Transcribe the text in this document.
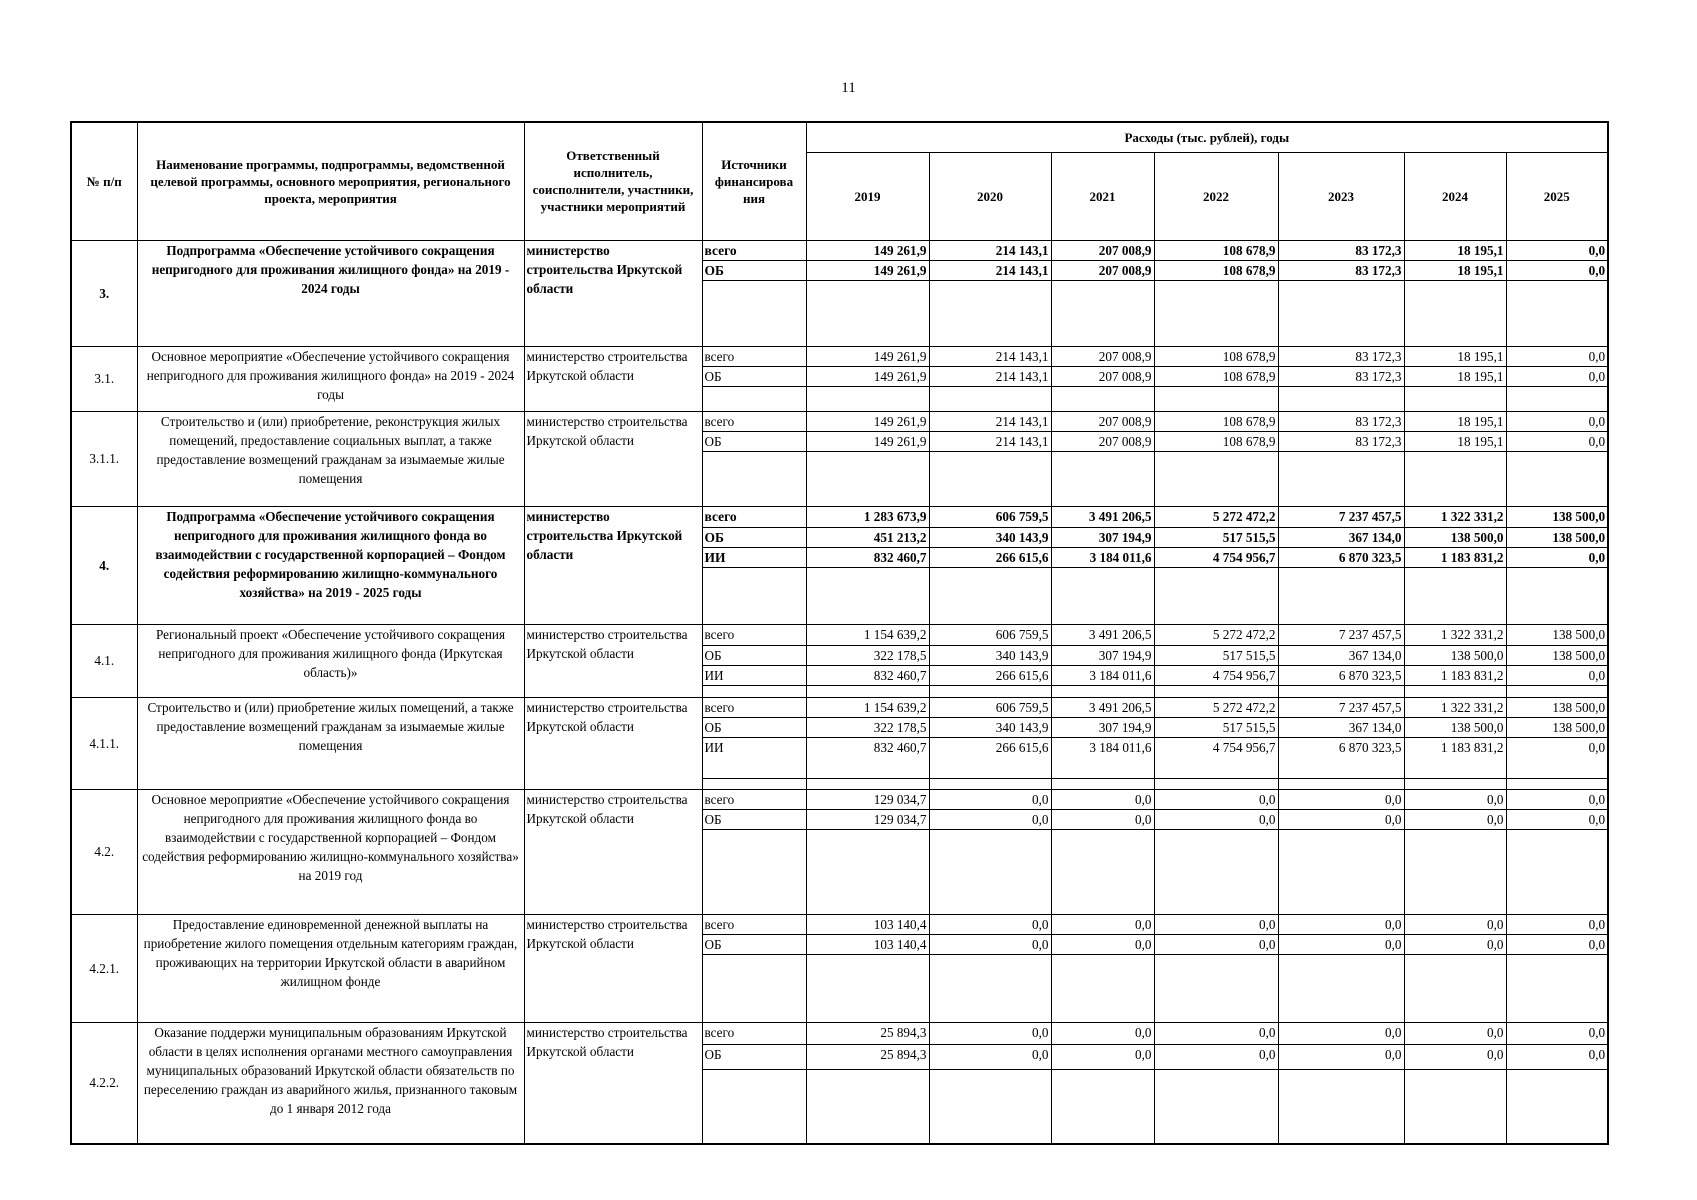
11
№ п/п	Наименование программы, подпрограммы, ведомственной целевой программы, основного мероприятия, регионального проекта, мероприятия	Ответственный исполнитель, соисполнители, участники, участники мероприятий	Источники финансирова ния	Расходы (тыс. рублей), годы						
				2019	2020	2021	2022	2023	2024	2025
3.	Подпрограмма «Обеспечение устойчивого сокращения непригодного для проживания жилищного фонда» на 2019 - 2024 годы	министерство строительства Иркутской области	всего	149 261,9	214 143,1	207 008,9	108 678,9	83 172,3	18 195,1	0,0
			ОБ	149 261,9	214 143,1	207 008,9	108 678,9	83 172,3	18 195,1	0,0

3.1.	Основное мероприятие «Обеспечение устойчивого сокращения непригодного для проживания жилищного фонда» на 2019 - 2024 годы	министерство строительства Иркутской области	всего	149 261,9	214 143,1	207 008,9	108 678,9	83 172,3	18 195,1	0,0
			ОБ	149 261,9	214 143,1	207 008,9	108 678,9	83 172,3	18 195,1	0,0

3.1.1.	Строительство и (или) приобретение, реконструкция жилых помещений, предоставление социальных выплат, а также предоставление возмещений гражданам за изымаемые жилые помещения	министерство строительства Иркутской области	всего	149 261,9	214 143,1	207 008,9	108 678,9	83 172,3	18 195,1	0,0
			ОБ	149 261,9	214 143,1	207 008,9	108 678,9	83 172,3	18 195,1	0,0

4.	Подпрограмма «Обеспечение устойчивого сокращения непригодного для проживания жилищного фонда во взаимодействии с государственной корпорацией – Фондом содействия реформированию жилищно-коммунального хозяйства» на 2019 - 2025 годы	министерство строительства Иркутской области	всего	1 283 673,9	606 759,5	3 491 206,5	5 272 472,2	7 237 457,5	1 322 331,2	138 500,0
			ОБ	451 213,2	340 143,9	307 194,9	517 515,5	367 134,0	138 500,0	138 500,0
			ИИ	832 460,7	266 615,6	3 184 011,6	4 754 956,7	6 870 323,5	1 183 831,2	0,0

4.1.	Региональный проект «Обеспечение устойчивого сокращения непригодного для проживания жилищного фонда (Иркутская область)»	министерство строительства Иркутской области	всего	1 154 639,2	606 759,5	3 491 206,5	5 272 472,2	7 237 457,5	1 322 331,2	138 500,0
			ОБ	322 178,5	340 143,9	307 194,9	517 515,5	367 134,0	138 500,0	138 500,0
			ИИ	832 460,7	266 615,6	3 184 011,6	4 754 956,7	6 870 323,5	1 183 831,2	0,0

4.1.1.	Строительство и (или) приобретение жилых помещений, а также предоставление возмещений гражданам за изымаемые жилые помещения	министерство строительства Иркутской области	всего	1 154 639,2	606 759,5	3 491 206,5	5 272 472,2	7 237 457,5	1 322 331,2	138 500,0
			ОБ	322 178,5	340 143,9	307 194,9	517 515,5	367 134,0	138 500,0	138 500,0
			ИИ	832 460,7	266 615,6	3 184 011,6	4 754 956,7	6 870 323,5	1 183 831,2	0,0

4.2.	Основное мероприятие «Обеспечение устойчивого сокращения непригодного для проживания жилищного фонда во взаимодействии с государственной корпорацией – Фондом содействия реформированию жилищно-коммунального хозяйства» на 2019 год	министерство строительства Иркутской области	всего	129 034,7	0,0	0,0	0,0	0,0	0,0	0,0
			ОБ	129 034,7	0,0	0,0	0,0	0,0	0,0	0,0

4.2.1.	Предоставление единовременной денежной выплаты на приобретение жилого помещения отдельным категориям граждан, проживающих на территории Иркутской области в аварийном жилищном фонде	министерство строительства Иркутской области	всего	103 140,4	0,0	0,0	0,0	0,0	0,0	0,0
			ОБ	103 140,4	0,0	0,0	0,0	0,0	0,0	0,0

4.2.2.	Оказание поддержи муниципальным образованиям Иркутской области в целях исполнения органами местного самоуправления муниципальных образований Иркутской области обязательств по переселению граждан из аварийного жилья, признанного таковым до 1 января 2012 года	министерство строительства Иркутской области	всего	25 894,3	0,0	0,0	0,0	0,0	0,0	0,0
			ОБ	25 894,3	0,0	0,0	0,0	0,0	0,0	0,0
